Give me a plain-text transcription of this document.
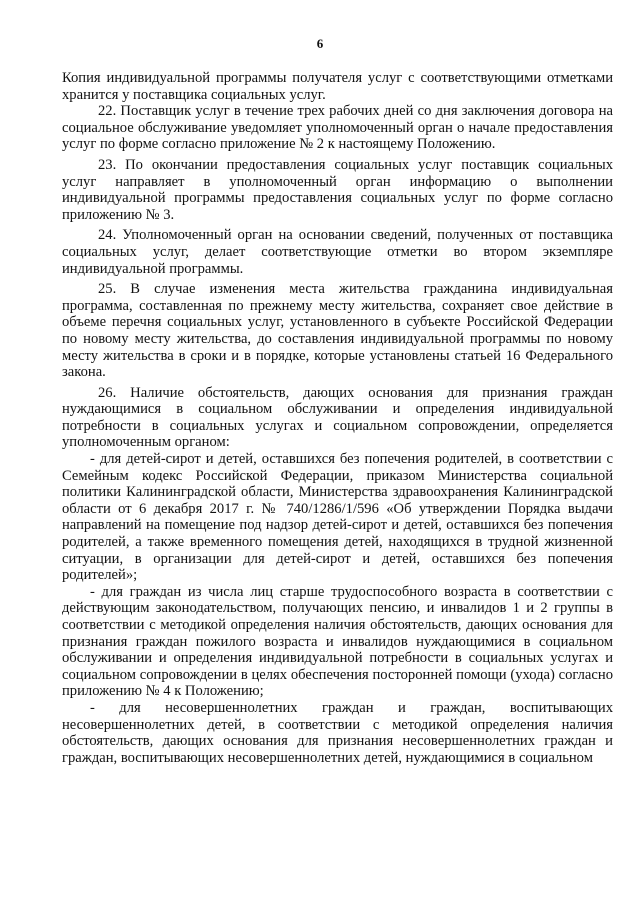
6

Копия индивидуальной программы получателя услуг с соответствующими отметками хранится у поставщика социальных услуг.

22. Поставщик услуг в течение трех рабочих дней со дня заключения договора на социальное обслуживание уведомляет уполномоченный орган о начале предоставления услуг по форме согласно приложение № 2 к настоящему Положению.

23. По окончании предоставления социальных услуг поставщик социальных услуг направляет в уполномоченный орган информацию о выполнении индивидуальной программы предоставления социальных услуг по форме согласно приложению № 3.

24. Уполномоченный орган на основании сведений, полученных от поставщика социальных услуг, делает соответствующие отметки во втором экземпляре индивидуальной программы.

25. В случае изменения места жительства гражданина индивидуальная программа, составленная по прежнему месту жительства, сохраняет свое действие в объеме перечня социальных услуг, установленного в субъекте Российской Федерации по новому месту жительства, до составления индивидуальной программы по новому месту жительства в сроки и в порядке, которые установлены статьей 16 Федерального закона.

26. Наличие обстоятельств, дающих основания для признания граждан нуждающимися в социальном обслуживании и определения индивидуальной потребности в социальных услугах и социальном сопровождении, определяется уполномоченным органом:

- для детей-сирот и детей, оставшихся без попечения родителей, в соответствии с Семейным кодекс Российской Федерации, приказом Министерства социальной политики Калининградской области, Министерства здравоохранения Калининградской области от 6 декабря 2017 г. № 740/1286/1/596 «Об утверждении Порядка выдачи направлений на помещение под надзор детей-сирот и детей, оставшихся без попечения родителей, а также временного помещения детей, находящихся в трудной жизненной ситуации, в организации для детей-сирот и детей, оставшихся без попечения родителей»;

- для граждан из числа лиц старше трудоспособного возраста в соответствии с действующим законодательством, получающих пенсию, и инвалидов 1 и 2 группы в соответствии с методикой определения наличия обстоятельств, дающих основания для признания граждан пожилого возраста и инвалидов нуждающимися в социальном обслуживании и определения индивидуальной потребности в социальных услугах и социальном сопровождении в целях обеспечения посторонней помощи (ухода) согласно приложению № 4 к Положению;

- для несовершеннолетних граждан и граждан, воспитывающих несовершеннолетних детей, в соответствии с методикой определения наличия обстоятельств, дающих основания для признания несовершеннолетних граждан и граждан, воспитывающих несовершеннолетних детей, нуждающимися в социальном
